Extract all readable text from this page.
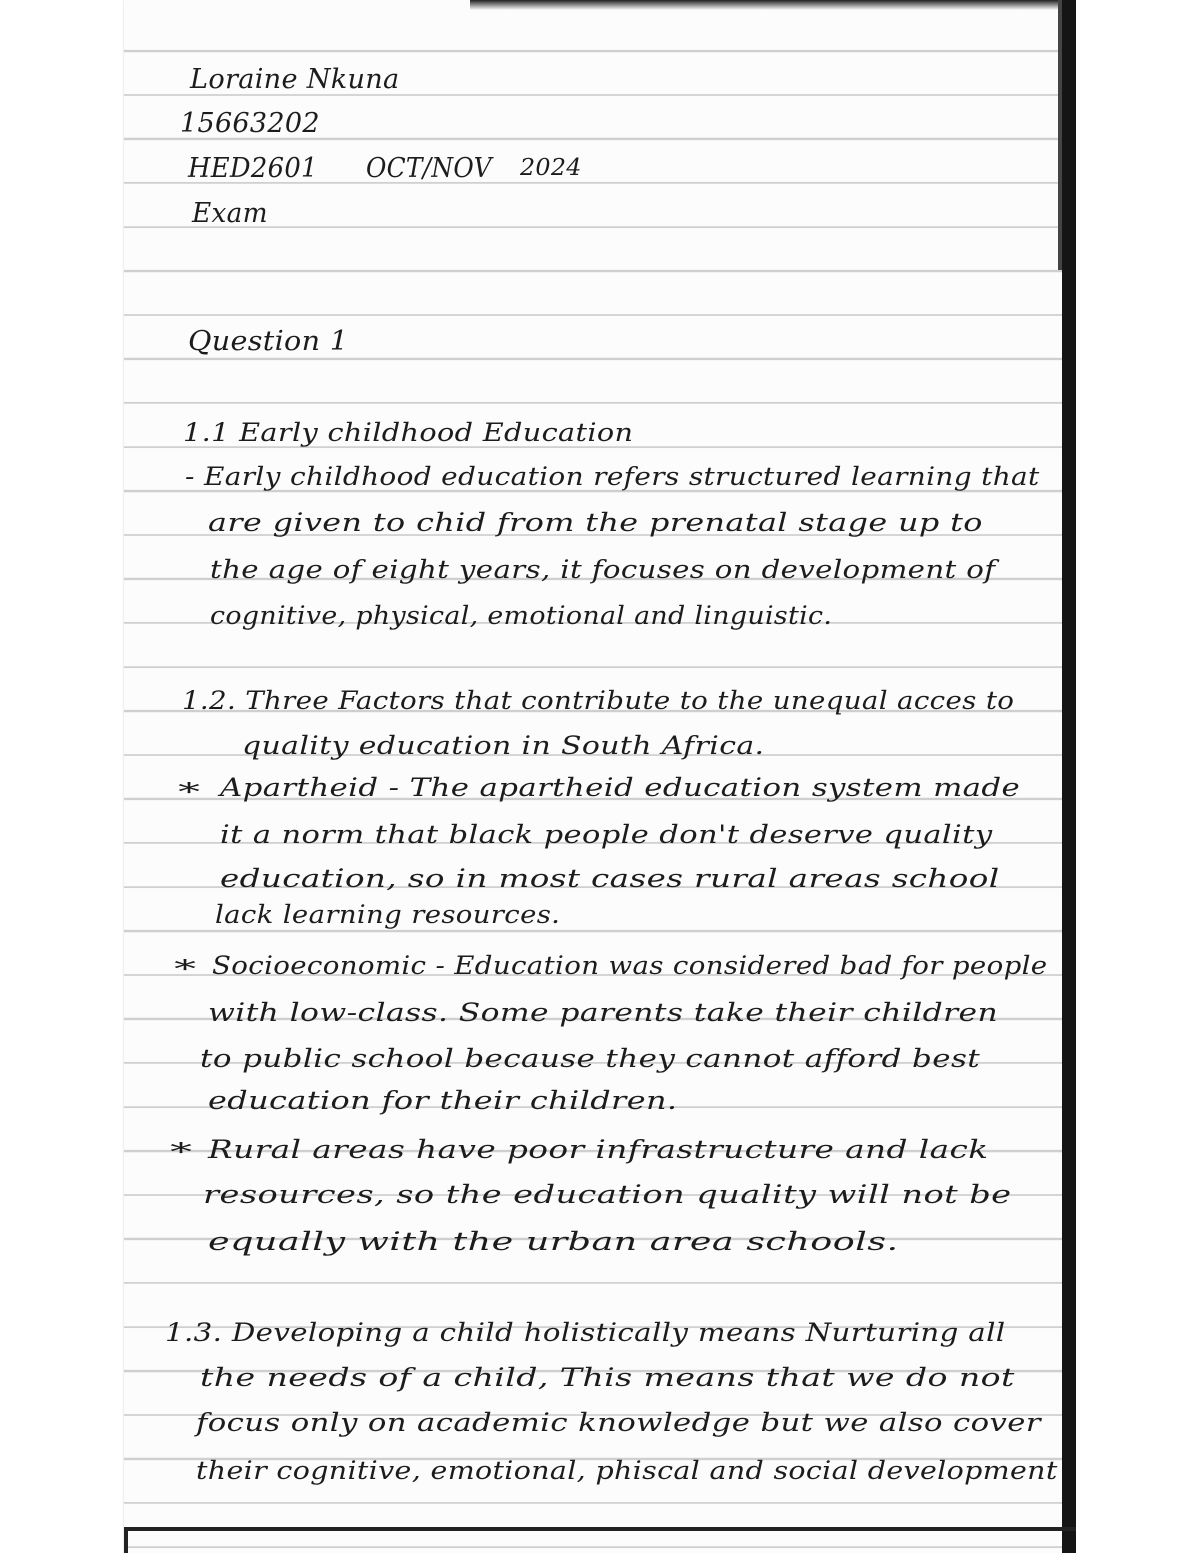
Loraine Nkuna
15663202
HED2601 OCT/NOV 2024
Exam
Question 1
1.1 Early childhood Education
- Early childhood education refers structured learning that
are given to chid from the prenatal stage up to
the age of eight years, it focuses on development of
cognitive, physical, emotional and linguistic.
1.2. Three Factors that contribute to the unequal acces to
quality education in South Africa.
* Apartheid - The apartheid education system made
it a norm that black people don't deserve quality
education, so in most cases rural areas school
lack learning resources.
* Socioeconomic - Education was considered bad for people
with low-class. Some parents take their children
to public school because they cannot afford best
education for their children.
* Rural areas have poor infrastructure and lack
resources, so the education quality will not be
equally with the urban area schools.
1.3. Developing a child holistically means Nurturing all
the needs of a child, This means that we do not
focus only on academic knowledge but we also cover
their cognitive, emotional, phiscal and social development
